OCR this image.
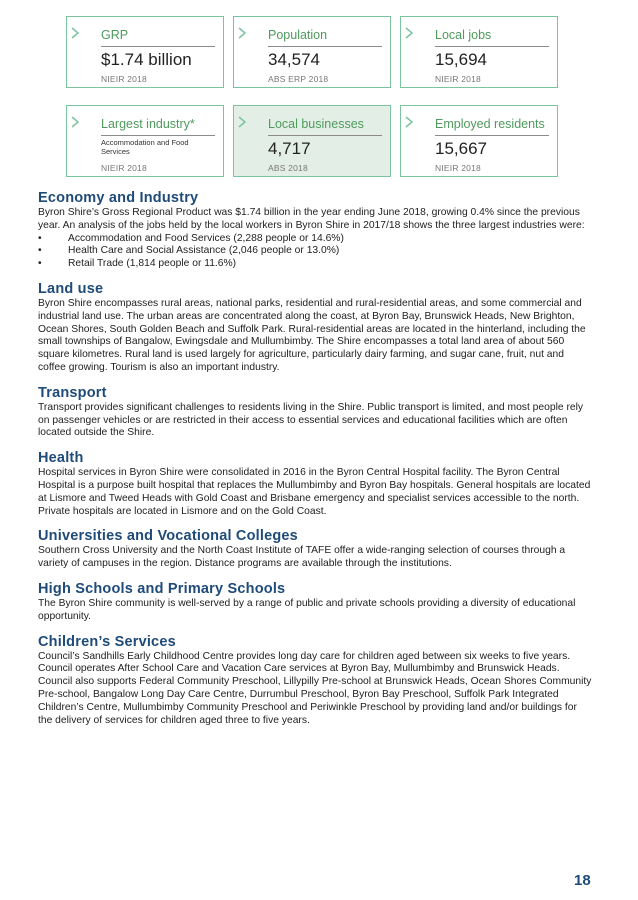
GRP
$1.74 billion
NIEIR 2018
Population
34,574
ABS ERP 2018
Local jobs
15,694
NIEIR 2018
Largest industry*
Accommodation and Food Services
NIEIR 2018
Local businesses
4,717
ABS 2018
Employed residents
15,667
NIEIR 2018
Economy and Industry

Byron Shire’s Gross Regional Product was $1.74 billion in the year ending June 2018, growing 0.4% since the previous year. An analysis of the jobs held by the local workers in Byron Shire in 2017/18 shows the three largest industries were:

•	Accommodation and Food Services (2,288 people or 14.6%)
•	Health Care and Social Assistance (2,046 people or 13.0%)
•	Retail Trade (1,814 people or 11.6%)
Land use

Byron Shire encompasses rural areas, national parks, residential and rural-residential areas, and some commercial and industrial land use. The urban areas are concentrated along the coast, at Byron Bay, Brunswick Heads, New Brighton, Ocean Shores, South Golden Beach and Suffolk Park. Rural-residential areas are located in the hinterland, including the small townships of Bangalow, Ewingsdale and Mullumbimby. The Shire encompasses a total land area of about 560 square kilometres. Rural land is used largely for agriculture, particularly dairy farming, and sugar cane, fruit, nut and coffee growing. Tourism is also an important industry.

Transport

Transport provides significant challenges to residents living in the Shire. Public transport is limited, and most people rely on passenger vehicles or are restricted in their access to essential services and educational facilities which are often located outside the Shire.

Health

Hospital services in Byron Shire were consolidated in 2016 in the Byron Central Hospital facility. The Byron Central Hospital is a purpose built hospital that replaces the Mullumbimby and Byron Bay hospitals. General hospitals are located at Lismore and Tweed Heads with Gold Coast and Brisbane emergency and specialist services accessible to the north. Private hospitals are located in Lismore and on the Gold Coast.

Universities and Vocational Colleges

Southern Cross University and the North Coast Institute of TAFE offer a wide-ranging selection of courses through a variety of campuses in the region. Distance programs are available through the institutions.

High Schools and Primary Schools

The Byron Shire community is well-served by a range of public and private schools providing a diversity of educational opportunity.

Children’s Services

Council’s Sandhills Early Childhood Centre provides long day care for children aged between six weeks to five years. Council operates After School Care and Vacation Care services at Byron Bay, Mullumbimby and Brunswick Heads. Council also supports Federal Community Preschool, Lillypilly Pre-school at Brunswick Heads, Ocean Shores Community Pre-school, Bangalow Long Day Care Centre, Durrumbul Preschool, Byron Bay Preschool, Suffolk Park Integrated Children’s Centre, Mullumbimby Community Preschool and Periwinkle Preschool by providing land and/or buildings for the delivery of services for children aged three to five years.

18
